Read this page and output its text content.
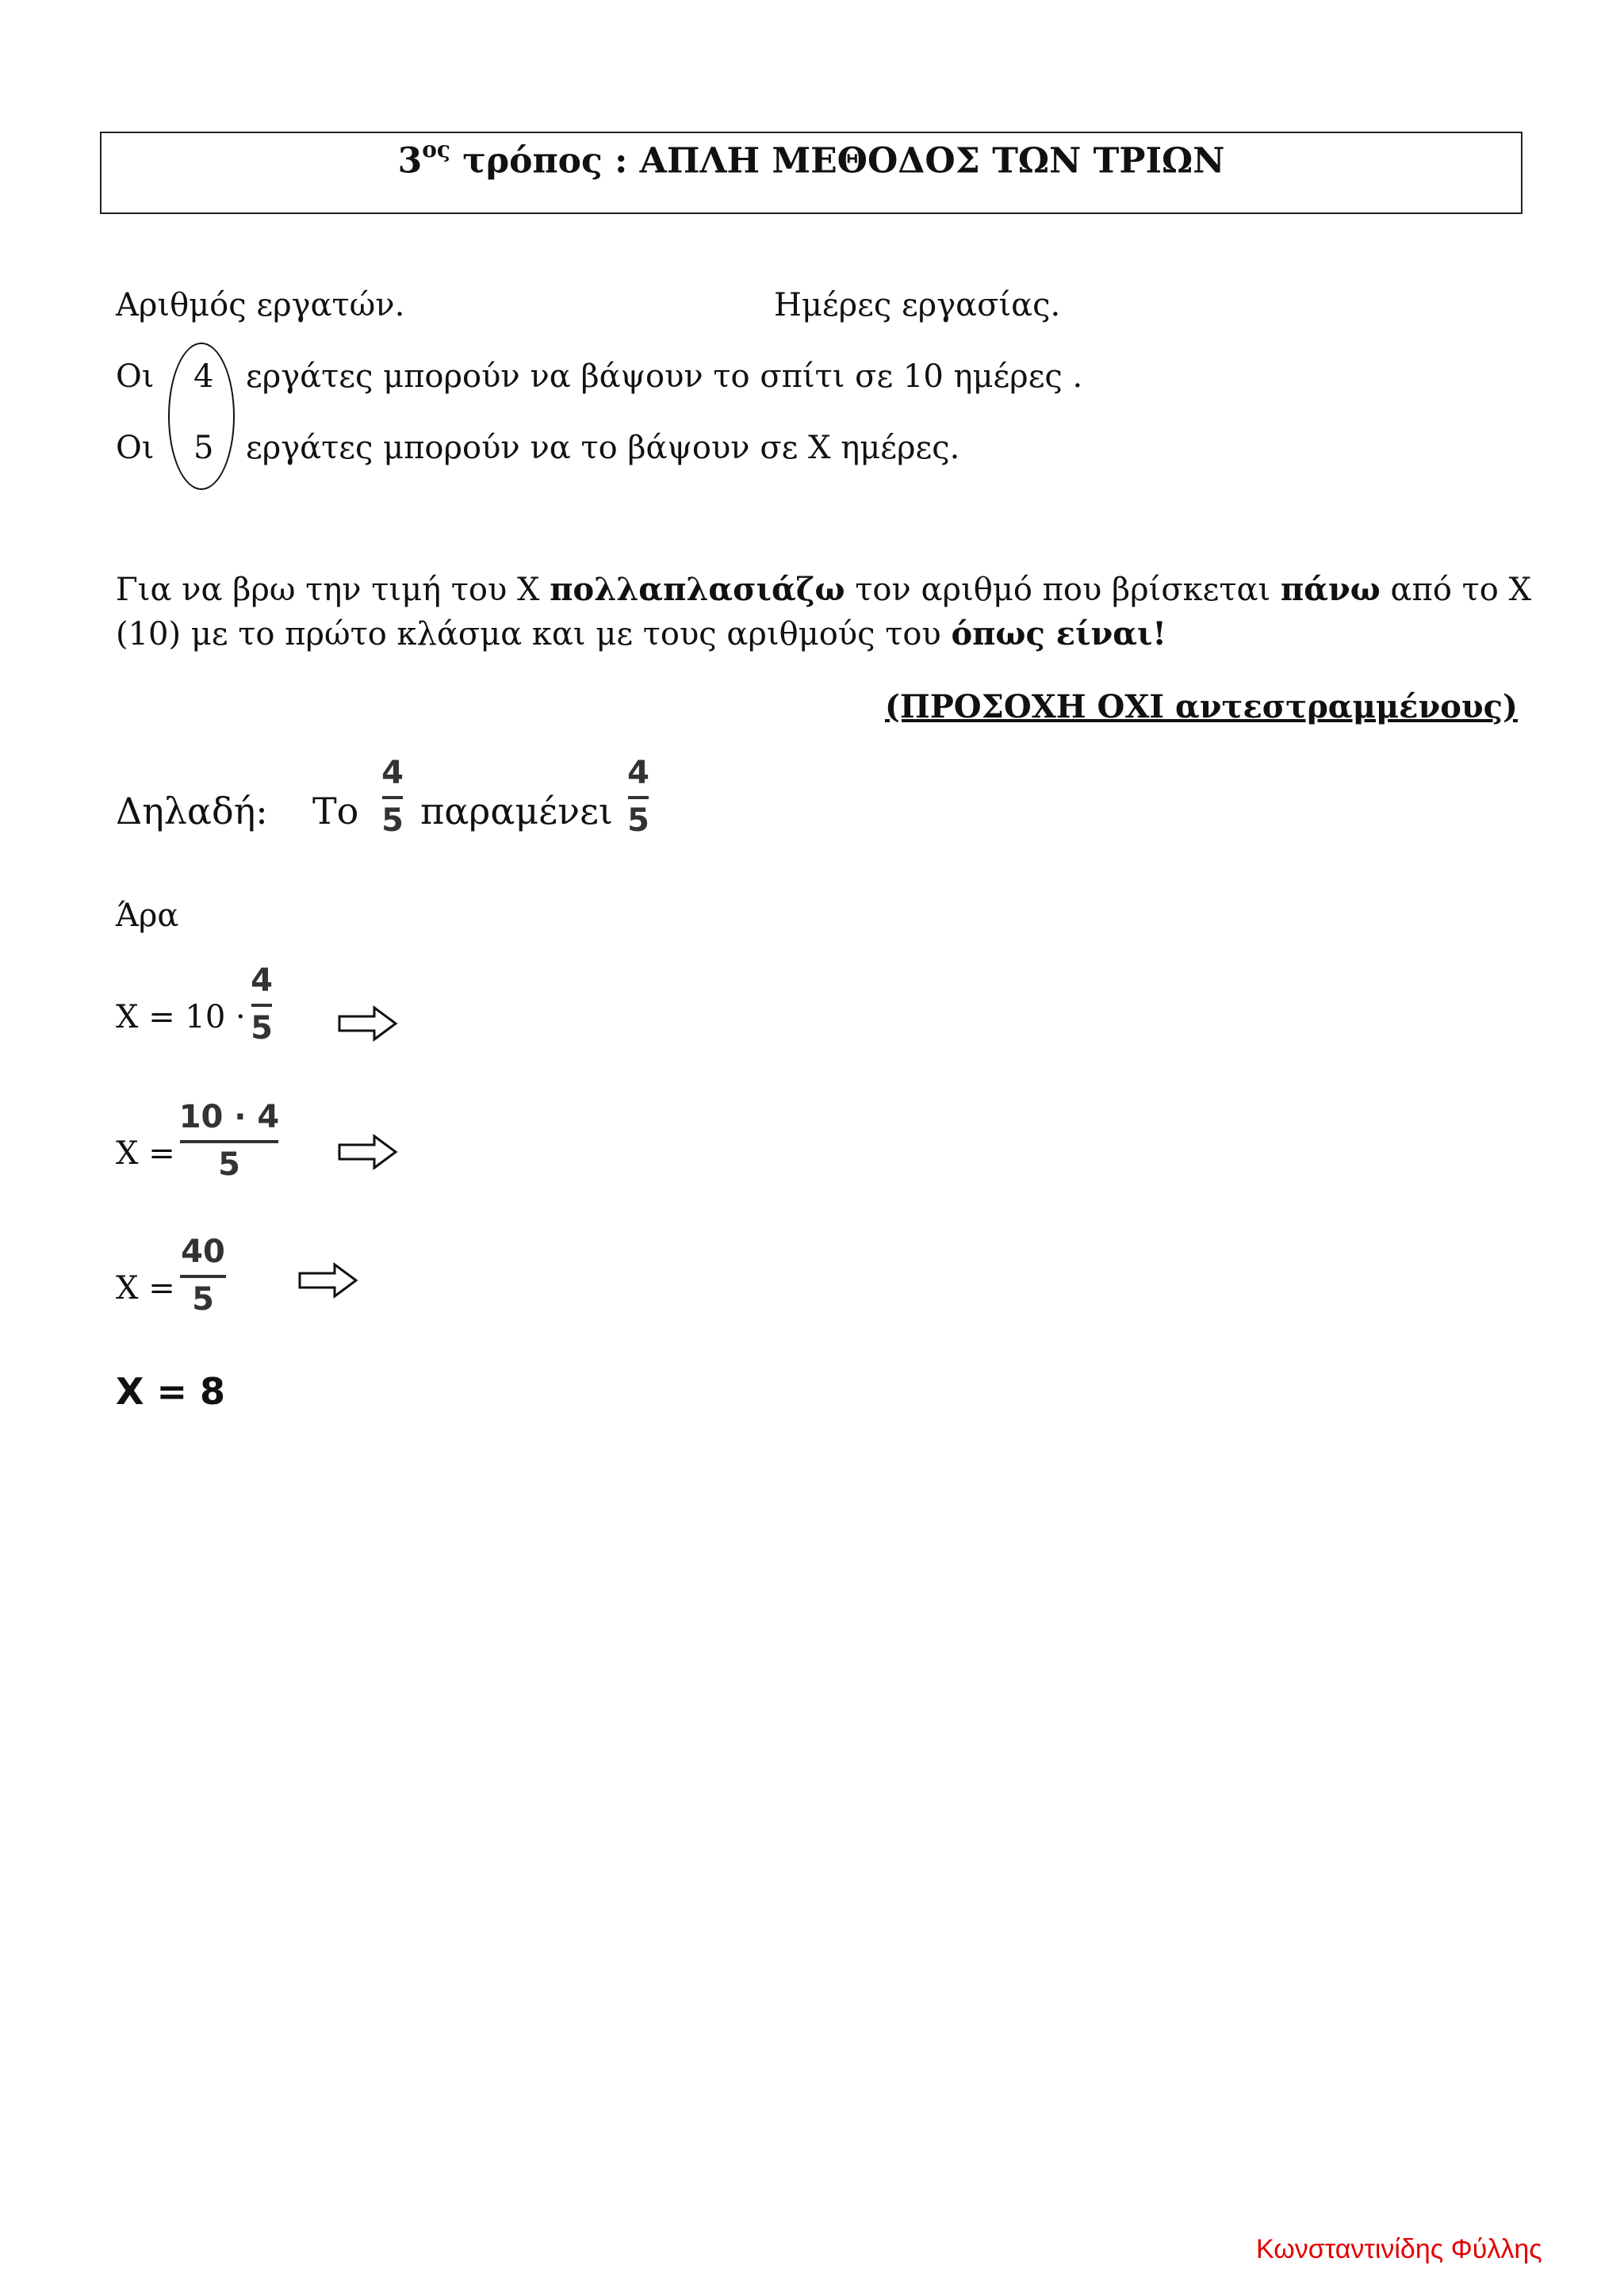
$3^{o\varsigma}$ τρόπος : ΑΠΛΗ ΜΕΘΟΔΟΣ ΤΩΝ ΤΡΙΩΝ
Αριθμός εργατών.	Ημέρες εργασίας.
Οι 4 εργάτες μπορούν να βάψουν το σπίτι σε 10 ημέρες .
Οι 5 εργάτες μπορούν να το βάψουν σε Χ ημέρες.
Για να βρω την τιμή του Χ πολλαπλασιάζω τον αριθμό που βρίσκεται πάνω από το Χ
(10) με το πρώτο κλάσμα και με τους αριθμούς του όπως είναι!
(ΠΡΟΣΟΧΗ ΟΧΙ αντεστραμμένους)
Δηλαδή: Το
4
5 παραμένει
4
5
Άρα
Χ = 10 ·
4
5
Χ =
10 · 4
5
Χ =
40
5
Χ = 8
Κωνσταντινίδης Φύλλης
